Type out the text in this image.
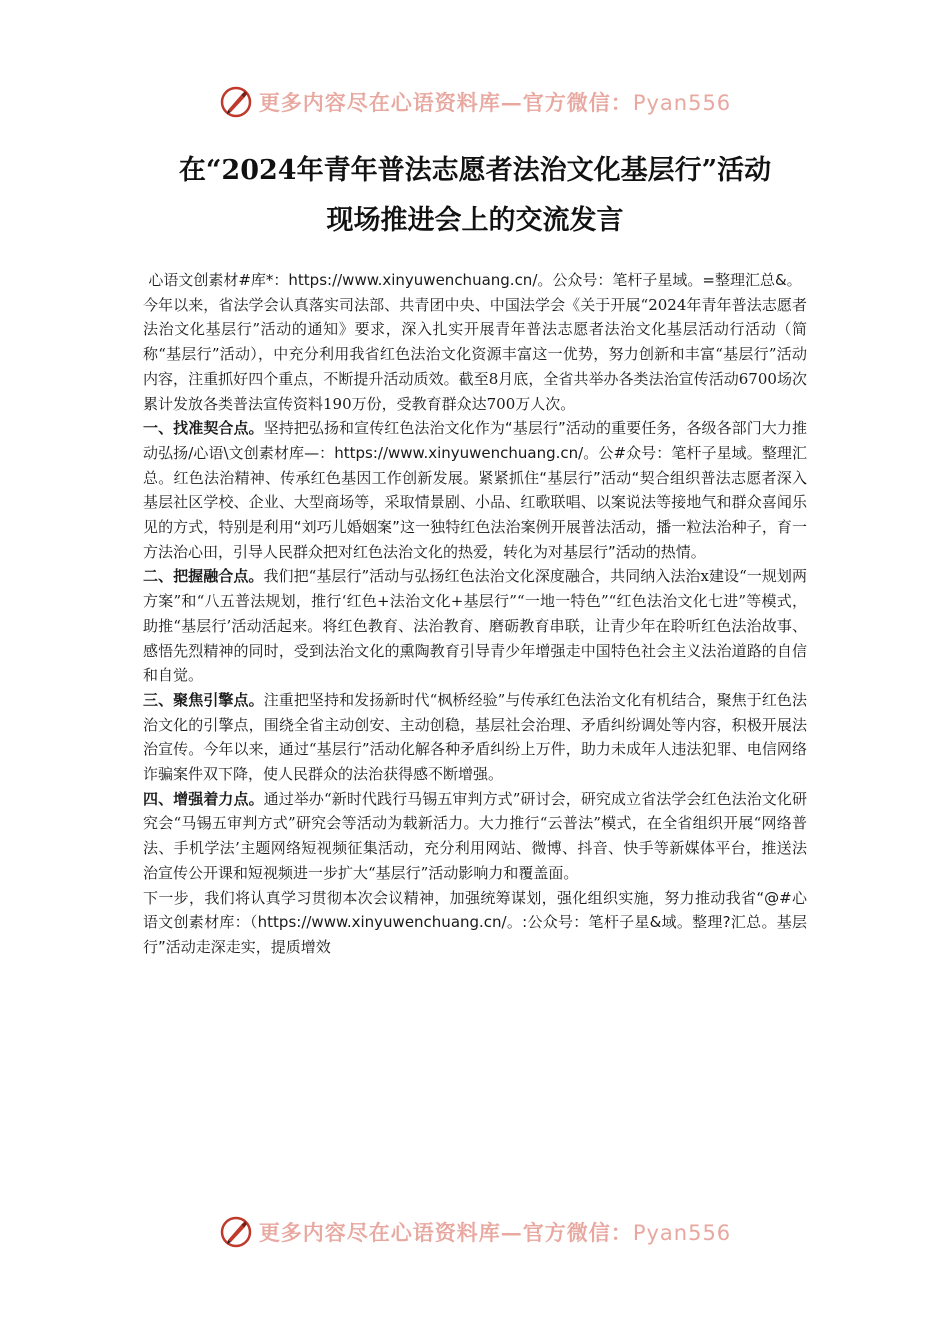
更多内容尽在心语资料库—官方微信：Pyan556
在“2024年青年普法志愿者法治文化基层行”活动
现场推进会上的交流发言

心语文创素材#库*：https://www.xinyuwenchuang.cn/。公众号：笔杆子星域。=整理汇总&。

今年以来，省法学会认真落实司法部、共青团中央、中国法学会《关于开展“2024年青年普法志愿者法治文化基层行”活动的通知》要求，深入扎实开展青年普法志愿者法治文化基层活动行活动（简称“基层行”活动），中充分利用我省红色法治文化资源丰富这一优势，努力创新和丰富“基层行”活动内容，注重抓好四个重点，不断提升活动质效。截至8月底，全省共举办各类法治宣传活动6700场次累计发放各类普法宣传资料190万份，受教育群众达700万人次。

一、找准契合点。坚持把弘扬和宣传红色法治文化作为“基层行”活动的重要任务，各级各部门大力推动弘扬/心语\文创素材库—：https://www.xinyuwenchuang.cn/。公#众号：笔杆子星域。整理汇总。红色法治精神、传承红色基因工作创新发展。紧紧抓住“基层行”活动“契合组织普法志愿者深入基层社区学校、企业、大型商场等，采取情景剧、小品、红歌联唱、以案说法等接地气和群众喜闻乐见的方式，特别是利用“刘巧儿婚姻案”这一独特红色法治案例开展普法活动，播一粒法治种子，育一方法治心田，引导人民群众把对红色法治文化的热爱，转化为对基层行”活动的热情。

二、把握融合点。我们把“基层行”活动与弘扬红色法治文化深度融合，共同纳入法治x建设“一规划两方案”和“八五普法规划，推行‘红色+法治文化+基层行”“一地一特色”“红色法治文化七进”等模式，助推“基层行’活动活起来。将红色教育、法治教育、磨砺教育串联，让青少年在聆听红色法治故事、感悟先烈精神的同时，受到法治文化的熏陶教育引导青少年增强走中国特色社会主义法治道路的自信和自觉。

三、聚焦引擎点。注重把坚持和发扬新时代“枫桥经验”与传承红色法治文化有机结合，聚焦于红色法治文化的引擎点，围绕全省主动创安、主动创稳，基层社会治理、矛盾纠纷调处等内容，积极开展法治宣传。今年以来，通过“基层行”活动化解各种矛盾纠纷上万件，助力未成年人违法犯罪、电信网络诈骗案件双下降，使人民群众的法治获得感不断增强。

四、增强着力点。通过举办“新时代践行马锡五审判方式”研讨会，研究成立省法学会红色法治文化研究会“马锡五审判方式”研究会等活动为载新活力。大力推行“云普法”模式，在全省组织开展“网络普法、手机学法’主题网络短视频征集活动，充分利用网站、微博、抖音、快手等新媒体平台，推送法治宣传公开课和短视频进一步扩大“基层行”活动影响力和覆盖面。

下一步，我们将认真学习贯彻本次会议精神，加强统筹谋划，强化组织实施，努力推动我省“@#心语文创素材库：（https://www.xinyuwenchuang.cn/。:公众号：笔杆子星&域。整理?汇总。基层行”活动走深走实，提质增效

更多内容尽在心语资料库—官方微信：Pyan556
